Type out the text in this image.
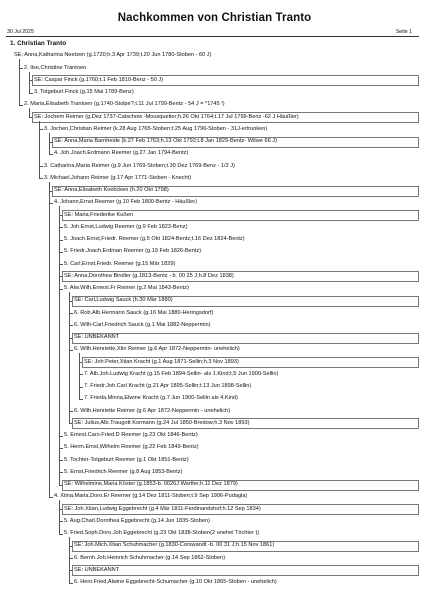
Nachkommen von Christian Tranto
30 Jul 2025	Seite 1
1. Christian Tranto
SE: Anna,Katharina Neetzen (g.1720;h.3 Apr 1739;t.20 Jun 1780-Stoben - 60 J)
2. Ilse,Christine Trantoen
SE: Caspar Finck (g.1760;t.1 Feb 1810-Benz - 50 J)
3. Totgeburt Finck (g.15 Mai 1789-Benz)
2. Maria,Elisabeth Trantoen (g.1740-Stolpe?;t.11 Jul 1799-Bentz - 54 J = *1745 !)
SE: Jochem Reimer (g.Dez 1737-Catschow -Mousquetier;h.26 Okt 1764;t.17 Jul 1799-Benz -62 J Häußler)
3. Jochen,Christian Reimer (k.28 Aug 1765-Stoben;t.25 Aug 1796-Stoben - 31J-ertrunken)
SE: Anna,Maria Barnheide (k.27 Feb 1763;h.13 Okt 1792;t.8 Jan 1829-Bentz- Witwe 66 J)
4. Joh.Joach.Erdmann Reemer (g.27 Jan 1794-Bentz)
3. Catharina,Maria Reimer (g.9 Jun 1769-Stoben;t.30 Dez 1769-Benz - 1/2 J)
3. Michael,Johann Reimer (g.17 Apr 1771-Stoben - Knecht)
SE: Anna,Elisabeth Koebcken (h.20 Okt 1798)
4. Johann,Ernst Reemer (g.10 Feb 1800-Bentz - Häußler)
SE: Maria,Friederike Kußen
5. Joh.Ernst,Ludwig Reemer (g.9 Feb 1823-Benz)
5. Joach.Ernst,Friedr. Reemer (g.5 Okt 1824-Bentz;t.16 Dez 1824-Bentz)
5. Friedr.Joach.Erdman Reemer (g.19 Feb 1826-Bentz)
5. Carl,Ernst,Friedr. Reemer (g.15 Mär 1829)
SE: Anna,Dorothea Bindler (g.1813-Bentz - b. 00 25 J;h.8 Dez 1838)
5. Alw.Wilh.Ernest.Fr Reimer (g.2 Mai 1843-Bentz)
SE: Carl,Ludwig Sauck (h.30 Mär 1880)
6. Rob.Alb.Hermann Sauck (g.16 Mai 1880-Heringsdorf)
6. Wilh-Carl,Friedrich Sauck (g.1 Mai 1882-Neppermin)
SE: UNBEKANNT
6. Wilh.Henriette,Xtin Reimer (g.6 Apr 1872-Neppermin- unehelich)
SE: Joh.Peter,Xtian Kracht (g.1 Aug 1871-Sellin;h.3 Nov 1893)
7. Alb.Joh.Ludwig Kracht (g.15 Feb 1894-Sellin- als 1.Kind;t.5 Jun 1900-Sellin)
7. Friedr.Joh.Carl Kracht (g.21 Apr 1895-Sellin;t.13 Jun 1898-Sellin)
7. Frieda,Minna,Elwine Kracht (g.7 Jun 1900-Sellin als 4.Kind)
6. Wilh.Henriette Reimer (g.6 Apr 1872-Neppermin - unehelich)
SE: Julius,Alb.Traugott Kormann (g.24 Jul 1850-Bredow;h.3 Nov 1893)
5. Emest.Caro.Fried.D Reemer (g.23 Okt 1846-Bentz)
5. Herm.Emst,Wilhelm Reemer (g.22 Feb 1849-Bentz)
5. Tochter-Totgeburt Reemer (g.1 Okt 1851-Bentz)
5. Ernst,Friedrich Reemer (g.8 Aug 1853-Bentz)
SE: Wilhelmine,Maria Köster (g.1853-b. 0026J Warthe;h.11 Dez 1879)
4. Xtina,Maria,Doro.Er Reemer (g.14 Dez 1811-Stoben;t.9 Sep 1906-Pudagla)
SE: Joh.Xtian,Ludwig Eggebrecht (g.4 Mär 1811-Ferdinandshof;h.12 Sep 1834)
5. Aug.Charl.Dorothea Eggebrecht (g.14 Jun 1835-Stoben)
5. Fried.Soph.Doro.Joh Eggebrecht (g.23 Okt 1838-Stoben(2 unehel Töchter ))
SE: Joh.Mich.Xtian Schuhmacher (g.1830-Corswandt -b. 00 31 J;h.15 Nov 1861)
6. Bernh.Joh.Heinrich Schuhmacher (g.14 Sep 1862-Stoben)
SE: UNBEKANNT
6. Henr.Fried,Alwine Eggebrecht-Schumacher (g.10 Okt 1865-Stoben - unehelich)
